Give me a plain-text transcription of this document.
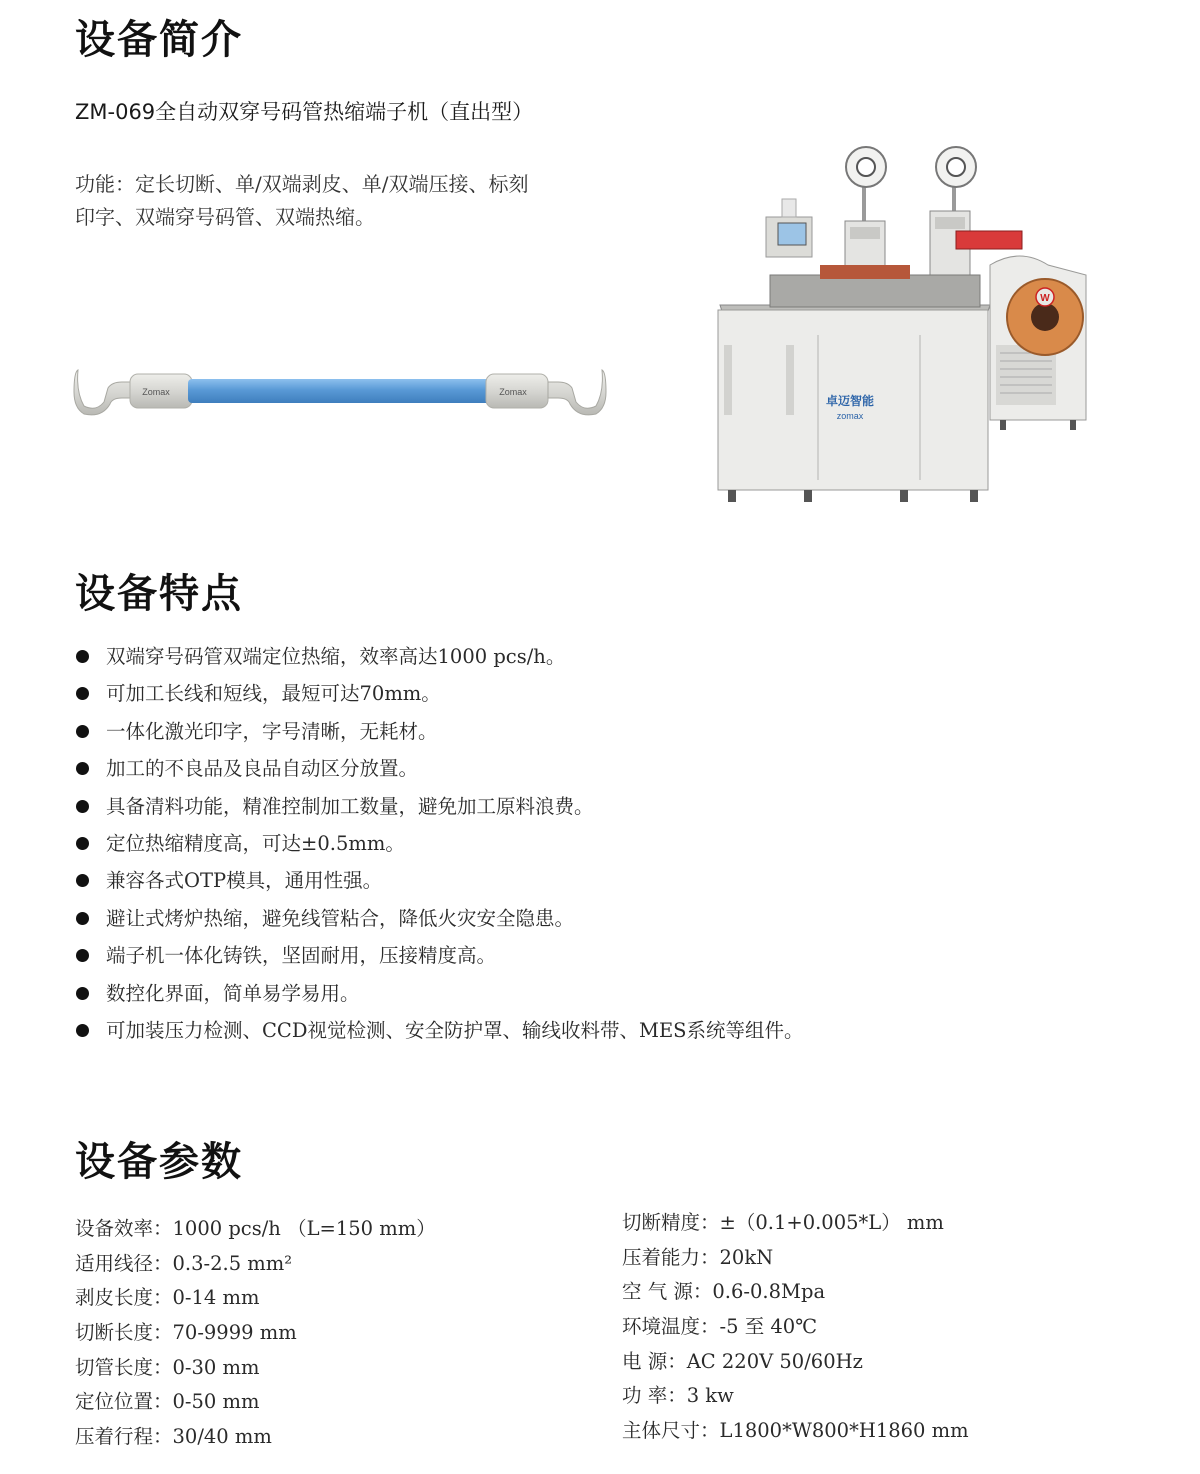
设备简介

ZM-069全自动双穿号码管热缩端子机（直出型）

功能：定长切断、单/双端剥皮、单/双端压接、标刻
印字、双端穿号码管、双端热缩。

Zomax	Zomax
卓迈智能
zomax
W
设备特点
双端穿号码管双端定位热缩，效率高达1000 pcs/h。
可加工长线和短线，最短可达70mm。
一体化激光印字，字号清晰，无耗材。
加工的不良品及良品自动区分放置。
具备清料功能，精准控制加工数量，避免加工原料浪费。
定位热缩精度高，可达±0.5mm。
兼容各式OTP模具，通用性强。
避让式烤炉热缩，避免线管粘合，降低火灾安全隐患。
端子机一体化铸铁，坚固耐用，压接精度高。
数控化界面，简单易学易用。
可加装压力检测、CCD视觉检测、安全防护罩、输线收料带、MES系统等组件。
设备参数
设备效率：1000 pcs/h （L=150 mm）
适用线径：0.3-2.5 mm²
剥皮长度：0-14 mm
切断长度：70-9999 mm
切管长度：0-30 mm
定位位置：0-50 mm
压着行程：30/40 mm
切断精度：±（0.1+0.005*L） mm
压着能力：20kN
空 气 源：0.6-0.8Mpa
环境温度：-5 至 40℃
电 源：AC 220V 50/60Hz
功 率：3 kw
主体尺寸：L1800*W800*H1860 mm
